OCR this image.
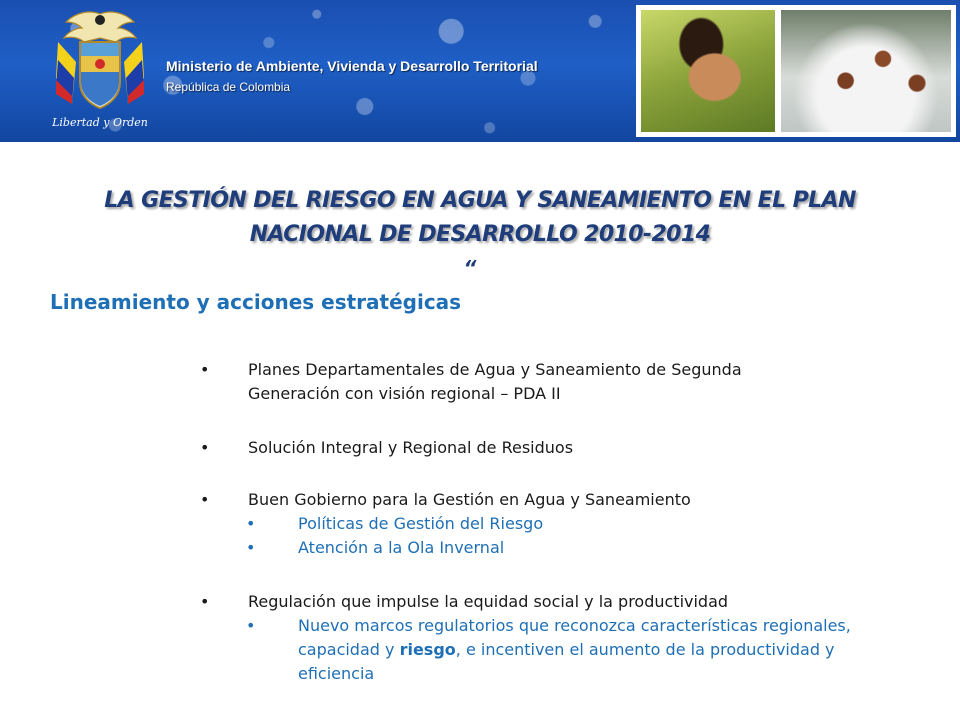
Libertad y Orden
Ministerio de Ambiente, Vivienda y Desarrollo Territorial
República de Colombia
LA GESTIÓN DEL RIESGO EN AGUA Y SANEAMIENTO EN EL PLAN
NACIONAL DE DESARROLLO 2010-2014
“
Lineamiento y acciones estratégicas
• Planes Departamentales de Agua y Saneamiento de Segunda Generación con visión regional – PDA II
• Solución Integral y Regional de Residuos
• Buen Gobierno para la Gestión en Agua y Saneamiento
•	Políticas de Gestión del Riesgo
•	Atención a la Ola Invernal
• Regulación que impulse la equidad social y la productividad
•	Nuevo marcos regulatorios que reconozca características regionales, capacidad y riesgo, e incentiven el aumento de la productividad y eficiencia
